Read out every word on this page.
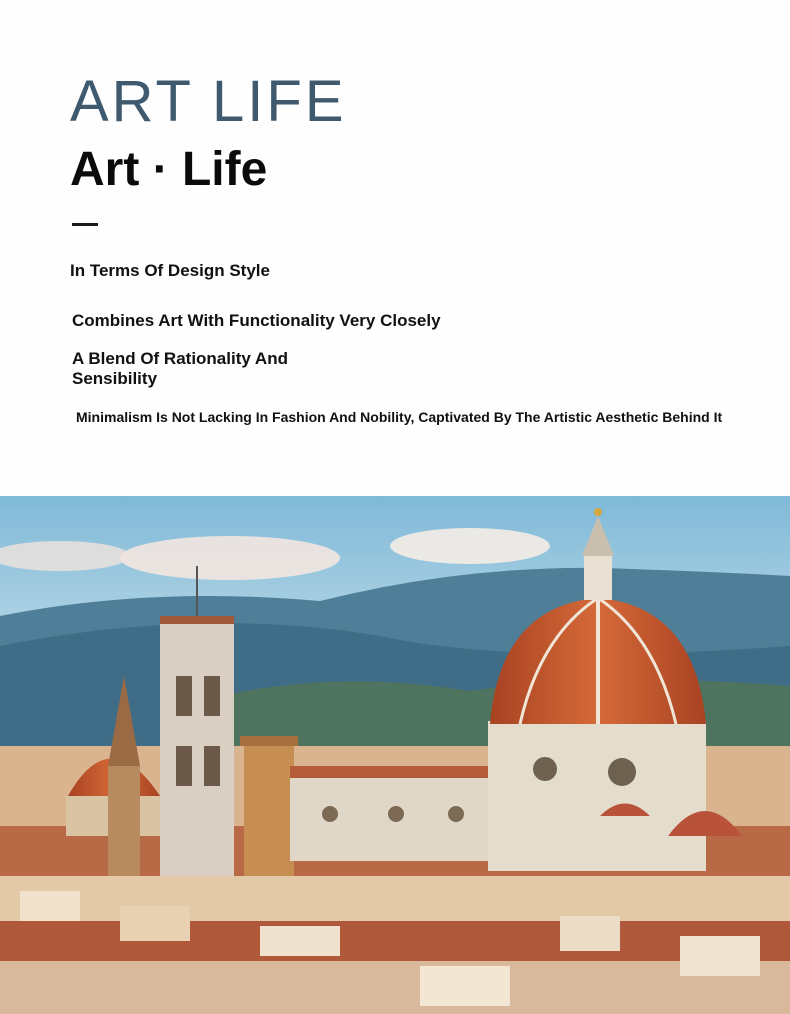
ART LIFE
Art · Life

In Terms Of Design Style

Combines Art With Functionality Very Closely

A Blend Of Rationality And Sensibility

Minimalism Is Not Lacking In Fashion And Nobility, Captivated By The Artistic Aesthetic Behind It
